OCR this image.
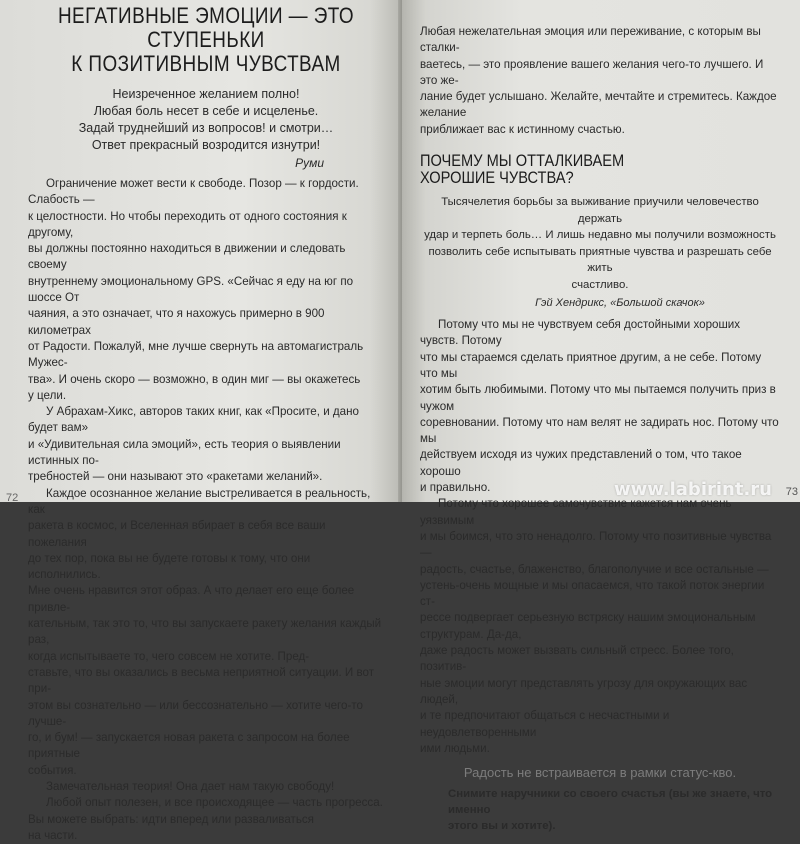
НЕГАТИВНЫЕ ЭМОЦИИ — ЭТО СТУПЕНЬКИ
К ПОЗИТИВНЫМ ЧУВСТВАМ
Неизреченное желанием полно!
Любая боль несет в себе и исцеленье.
Задай труднейший из вопросов! и смотри…
Ответ прекрасный возродится изнутри!
Руми

Ограничение может вести к свободе. Позор — к гордости. Слабость —
к целостности. Но чтобы переходить от одного состояния к другому,
вы должны постоянно находиться в движении и следовать своему
внутреннему эмоциональному GPS. «Сейчас я еду на юг по шоссе От
чаяния, а это означает, что я нахожусь примерно в 900 километрах
от Радости. Пожалуй, мне лучше свернуть на автомагистраль Мужес-
тва». И очень скоро — возможно, в один миг — вы окажетесь
у цели.

У Абрахам-Хикс, авторов таких книг, как «Просите, и дано будет вам»
и «Удивительная сила эмоций», есть теория о выявлении истинных по-
требностей — они называют это «ракетами желаний».

Каждое осознанное желание выстреливается в реальность, как
ракета в космос, и Вселенная вбирает в себя все ваши пожелания
до тех пор, пока вы не будете готовы к тому, что они исполнились.
Мне очень нравится этот образ. А что делает его еще более привле-
кательным, так это то, что вы запускаете ракету желания каждый раз,
когда испытываете то, чего совсем не хотите. Пред-
ставьте, что вы оказались в весьма неприятной ситуации. И вот при-
этом вы сознательно — или бессознательно — хотите чего-то лучше-
го, и бум! — запускается новая ракета с запросом на более приятные
события.

Замечательная теория! Она дает нам такую свободу!

Любой опыт полезен, и все происходящее — часть прогресса.
Вы можете выбрать: идти вперед или разваливаться
на части.

72

Любая нежелательная эмоция или переживание, с которым вы сталки-
ваетесь, — это проявление вашего желания чего-то лучшего. И это же-
лание будет услышано. Желайте, мечтайте и стремитесь. Каждое желание
приближает вас к истинному счастью.

ПОЧЕМУ МЫ ОТТАЛКИВАЕМ
ХОРОШИЕ ЧУВСТВА?
Тысячелетия борьбы за выживание приучили человечество держать
удар и терпеть боль… И лишь недавно мы получили возможность
позволить себе испытывать приятные чувства и разрешать себе жить
счастливо.
Гэй Хендрикс, «Большой скачок»

Потому что мы не чувствуем себя достойными хороших чувств. Потому
что мы стараемся сделать приятное другим, а не себе. Потому что мы
хотим быть любимыми. Потому что мы пытаемся получить приз в чужом
соревновании. Потому что нам велят не задирать нос. Потому что мы
действуем исходя из чужих представлений о том, что такое хорошо
и правильно.

Потому что хорошее самочувствие кажется нам очень уязвимым
и мы боимся, что это ненадолго. Потому что позитивные чувства —
радость, счастье, блаженство, благополучие и все остальные —
устень-очень мощные и мы опасаемся, что такой поток энергии ст-
рессе подвергает серьезную встряску нашим эмоциональным структурам. Да-да,
даже радость может вызвать сильный стресс. Более того, позитив-
ные эмоции могут представлять угрозу для окружающих вас людей,
и те предпочитают общаться с несчастными и неудовлетворенными
ими людьми.

Радость не встраивается в рамки статус-кво.
Снимите наручники со своего счастья (вы же знаете, что именно
этого вы и хотите).
73
www.labirint.ru
